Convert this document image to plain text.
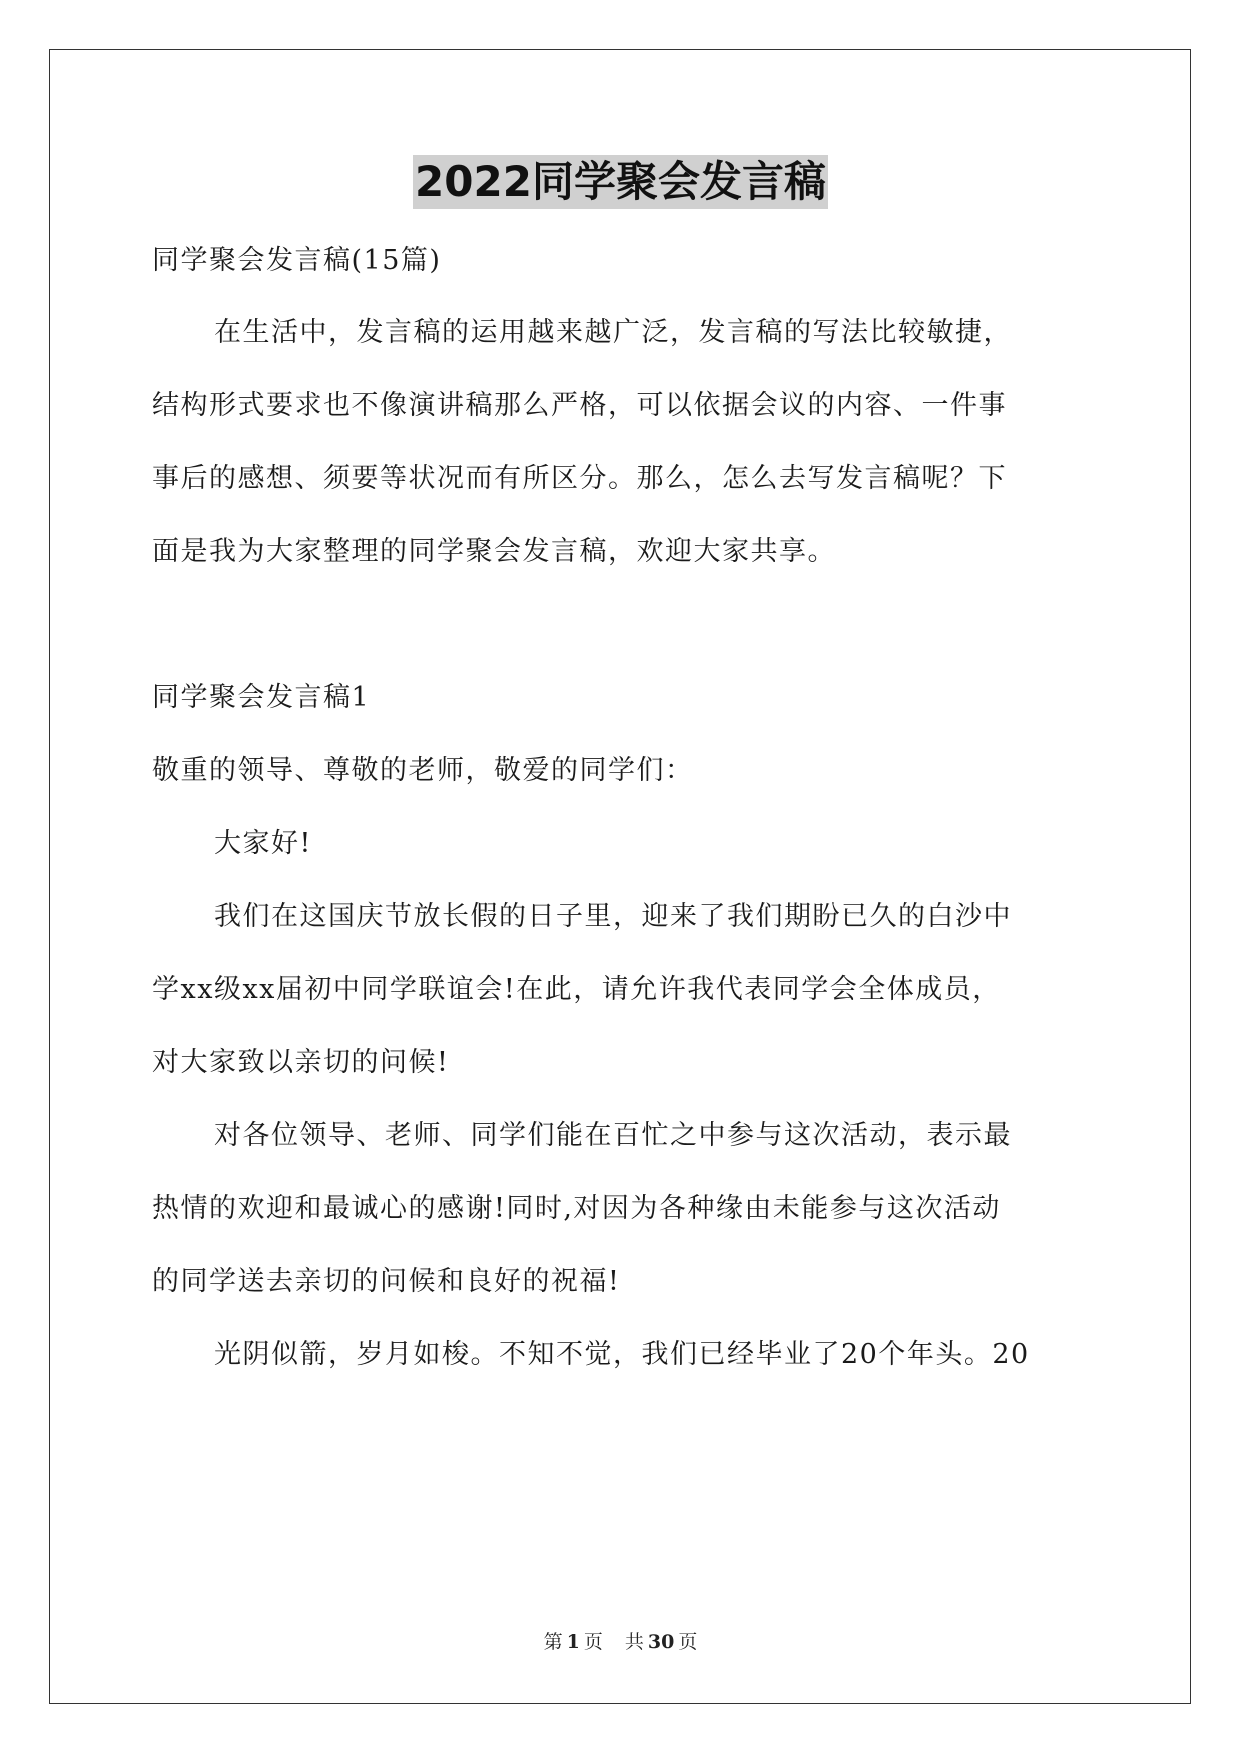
2022同学聚会发言稿
同学聚会发言稿(15篇)
在生活中，发言稿的运用越来越广泛，发言稿的写法比较敏捷，
结构形式要求也不像演讲稿那么严格，可以依据会议的内容、一件事
事后的感想、须要等状况而有所区分。那么，怎么去写发言稿呢？下
面是我为大家整理的同学聚会发言稿，欢迎大家共享。
同学聚会发言稿1
敬重的领导、尊敬的老师，敬爱的同学们：
大家好!
我们在这国庆节放长假的日子里，迎来了我们期盼已久的白沙中
学xx级xx届初中同学联谊会!在此，请允许我代表同学会全体成员，
对大家致以亲切的问候!
对各位领导、老师、同学们能在百忙之中参与这次活动，表示最
热情的欢迎和最诚心的感谢!同时,对因为各种缘由未能参与这次活动
的同学送去亲切的问候和良好的祝福!
光阴似箭，岁月如梭。不知不觉，我们已经毕业了20个年头。20
第 1 页 共 30 页
